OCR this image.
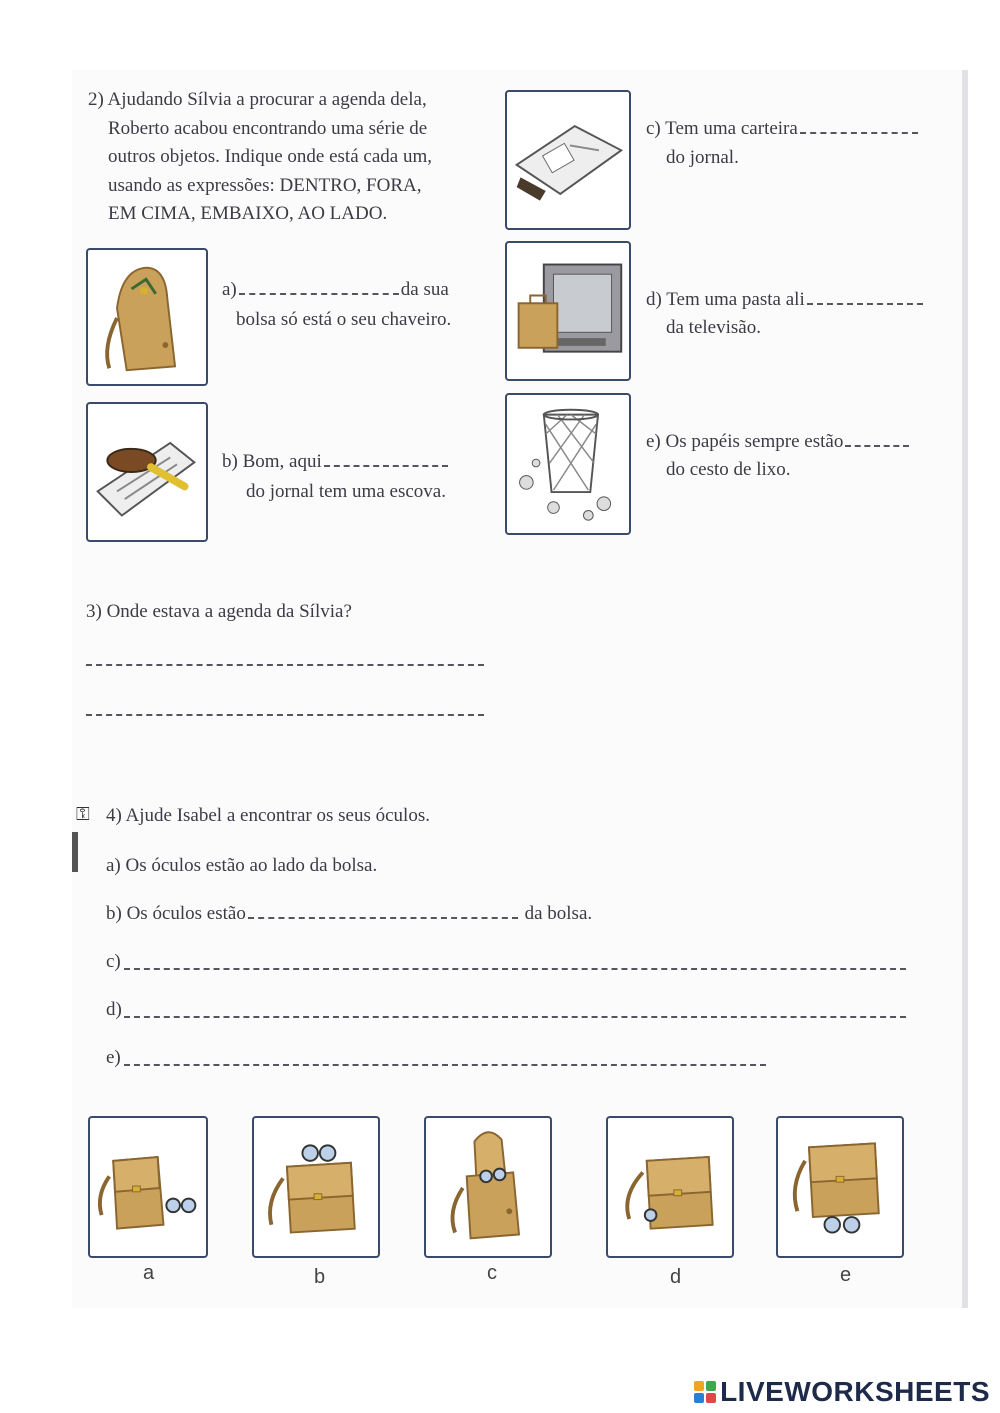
2) Ajudando Sílvia a procurar a agenda dela,
Roberto acabou encontrando uma série de
outros objetos. Indique onde está cada um,
usando as expressões: DENTRO, FORA,
EM CIMA, EMBAIXO, AO LADO.
a)	da sua
bolsa só está o seu chaveiro.
b) Bom, aqui
do jornal tem uma escova.
c) Tem uma carteira
do jornal.
d) Tem uma pasta ali
da televisão.
e) Os papéis sempre estão
do cesto de lixo.
3) Onde estava a agenda da Sílvia?
⚿ 4) Ajude Isabel a encontrar os seus óculos.
a) Os óculos estão ao lado da bolsa.
b) Os óculos estão	da bolsa.
c)
d)
e)
a	b	c	d	e
LIVEWORKSHEETS
